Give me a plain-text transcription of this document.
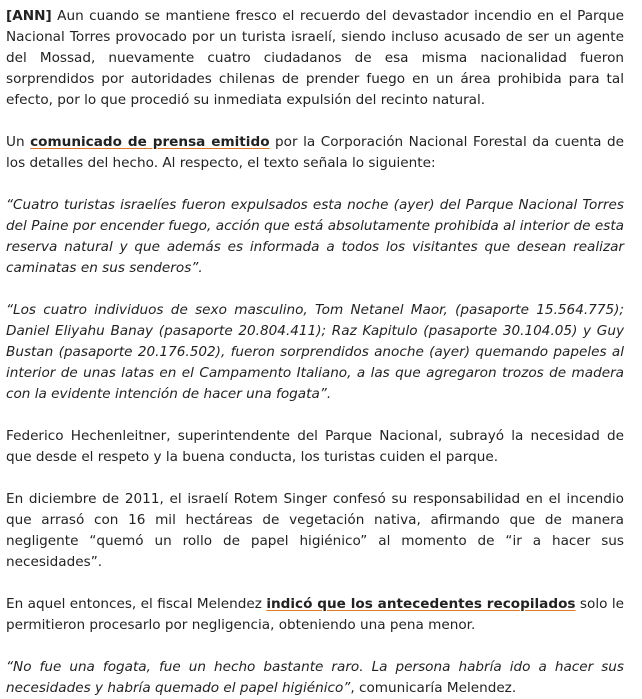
[ANN] Aun cuando se mantiene fresco el recuerdo del devastador incendio en el Parque Nacional Torres provocado por un turista israelí, siendo incluso acusado de ser un agente del Mossad, nuevamente cuatro ciudadanos de esa misma nacionalidad fueron sorprendidos por autoridades chilenas de prender fuego en un área prohibida para tal efecto, por lo que procedió su inmediata expulsión del recinto natural.

Un comunicado de prensa emitido por la Corporación Nacional Forestal da cuenta de los detalles del hecho. Al respecto, el texto señala lo siguiente:

“Cuatro turistas israelíes fueron expulsados esta noche (ayer) del Parque Nacional Torres del Paine por encender fuego, acción que está absolutamente prohibida al interior de esta reserva natural y que además es informada a todos los visitantes que desean realizar caminatas en sus senderos”.

“Los cuatro individuos de sexo masculino, Tom Netanel Maor, (pasaporte 15.564.775); Daniel Eliyahu Banay (pasaporte 20.804.411); Raz Kapitulo (pasaporte 30.104.05) y Guy Bustan (pasaporte 20.176.502), fueron sorprendidos anoche (ayer) quemando papeles al interior de unas latas en el Campamento Italiano, a las que agregaron trozos de madera con la evidente intención de hacer una fogata”.

Federico Hechenleitner, superintendente del Parque Nacional, subrayó la necesidad de que desde el respeto y la buena conducta, los turistas cuiden el parque.

En diciembre de 2011, el israelí Rotem Singer confesó su responsabilidad en el incendio que arrasó con 16 mil hectáreas de vegetación nativa, afirmando que de manera negligente “quemó un rollo de papel higiénico” al momento de “ir a hacer sus necesidades”.

En aquel entonces, el fiscal Melendez indicó que los antecedentes recopilados solo le permitieron procesarlo por negligencia, obteniendo una pena menor.

“No fue una fogata, fue un hecho bastante raro. La persona habría ido a hacer sus necesidades y habría quemado el papel higiénico”, comunicaría Melendez.
